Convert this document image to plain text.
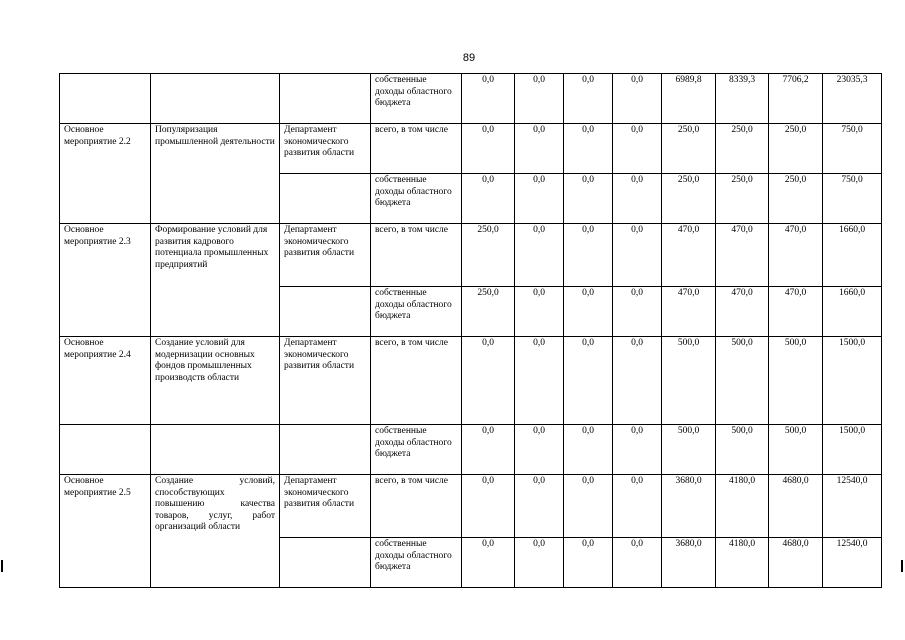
89
			собственные доходы областного бюджета	0,0	0,0	0,0	0,0	6989,8	8339,3	7706,2	23035,3
Основное мероприятие 2.2	Популяризация промышленной деятельности	Департамент экономического развития области	всего, в том числе	0,0	0,0	0,0	0,0	250,0	250,0	250,0	750,0
			собственные доходы областного бюджета	0,0	0,0	0,0	0,0	250,0	250,0	250,0	750,0
Основное мероприятие 2.3	Формирование условий для развития кадрового потенциала промышленных предприятий	Департамент экономического развития области	всего, в том числе	250,0	0,0	0,0	0,0	470,0	470,0	470,0	1660,0
			собственные доходы областного бюджета	250,0	0,0	0,0	0,0	470,0	470,0	470,0	1660,0
Основное мероприятие 2.4	Создание условий для модернизации основных фондов промышленных производств области	Департамент экономического развития области	всего, в том числе	0,0	0,0	0,0	0,0	500,0	500,0	500,0	1500,0
			собственные доходы областного бюджета	0,0	0,0	0,0	0,0	500,0	500,0	500,0	1500,0
Основное мероприятие 2.5	Создание условий, способствующих повышению качества товаров, услуг, работ организаций области	Департамент экономического развития области	всего, в том числе	0,0	0,0	0,0	0,0	3680,0	4180,0	4680,0	12540,0
			собственные доходы областного бюджета	0,0	0,0	0,0	0,0	3680,0	4180,0	4680,0	12540,0
